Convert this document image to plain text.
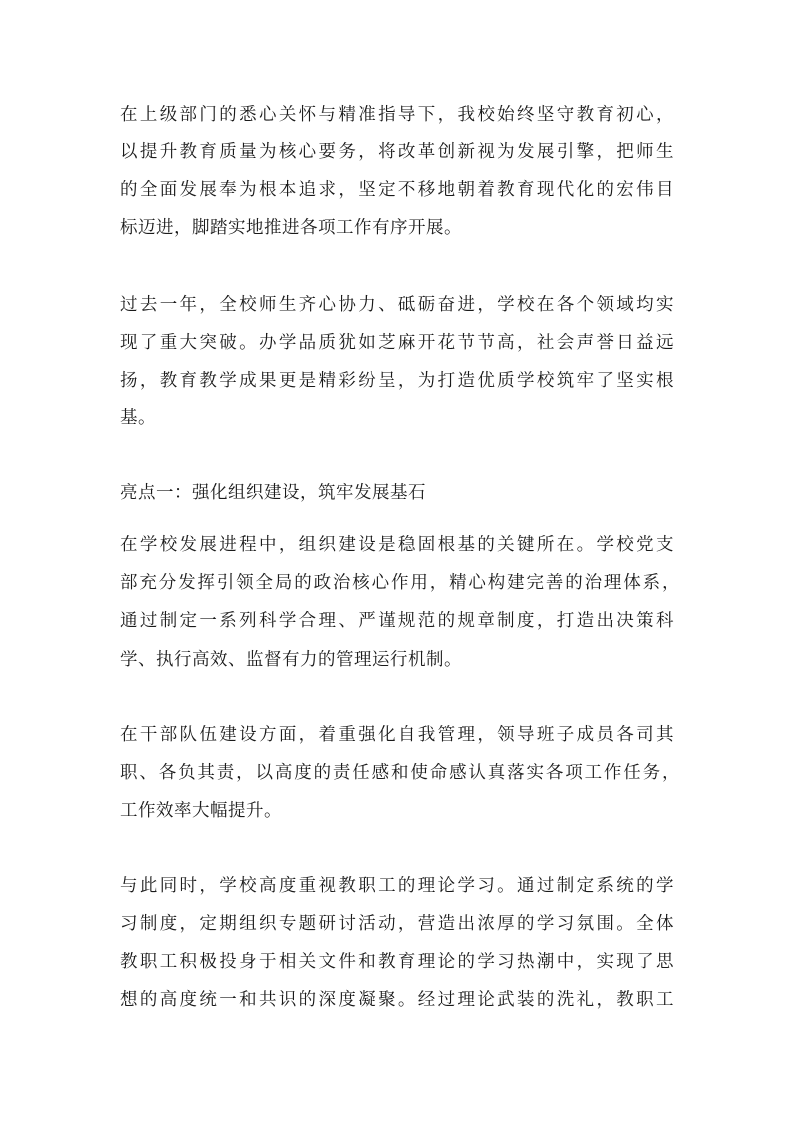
在上级部门的悉心关怀与精准指导下，我校始终坚守教育初心，
以提升教育质量为核心要务，将改革创新视为发展引擎，把师生
的全面发展奉为根本追求，坚定不移地朝着教育现代化的宏伟目
标迈进，脚踏实地推进各项工作有序开展。
过去一年，全校师生齐心协力、砥砺奋进，学校在各个领域均实
现了重大突破。办学品质犹如芝麻开花节节高，社会声誉日益远
扬，教育教学成果更是精彩纷呈，为打造优质学校筑牢了坚实根
基。
亮点一：强化组织建设，筑牢发展基石
在学校发展进程中，组织建设是稳固根基的关键所在。学校党支
部充分发挥引领全局的政治核心作用，精心构建完善的治理体系，
通过制定一系列科学合理、严谨规范的规章制度，打造出决策科
学、执行高效、监督有力的管理运行机制。
在干部队伍建设方面，着重强化自我管理，领导班子成员各司其
职、各负其责，以高度的责任感和使命感认真落实各项工作任务，
工作效率大幅提升。
与此同时，学校高度重视教职工的理论学习。通过制定系统的学
习制度，定期组织专题研讨活动，营造出浓厚的学习氛围。全体
教职工积极投身于相关文件和教育理论的学习热潮中，实现了思
想的高度统一和共识的深度凝聚。经过理论武装的洗礼，教职工
